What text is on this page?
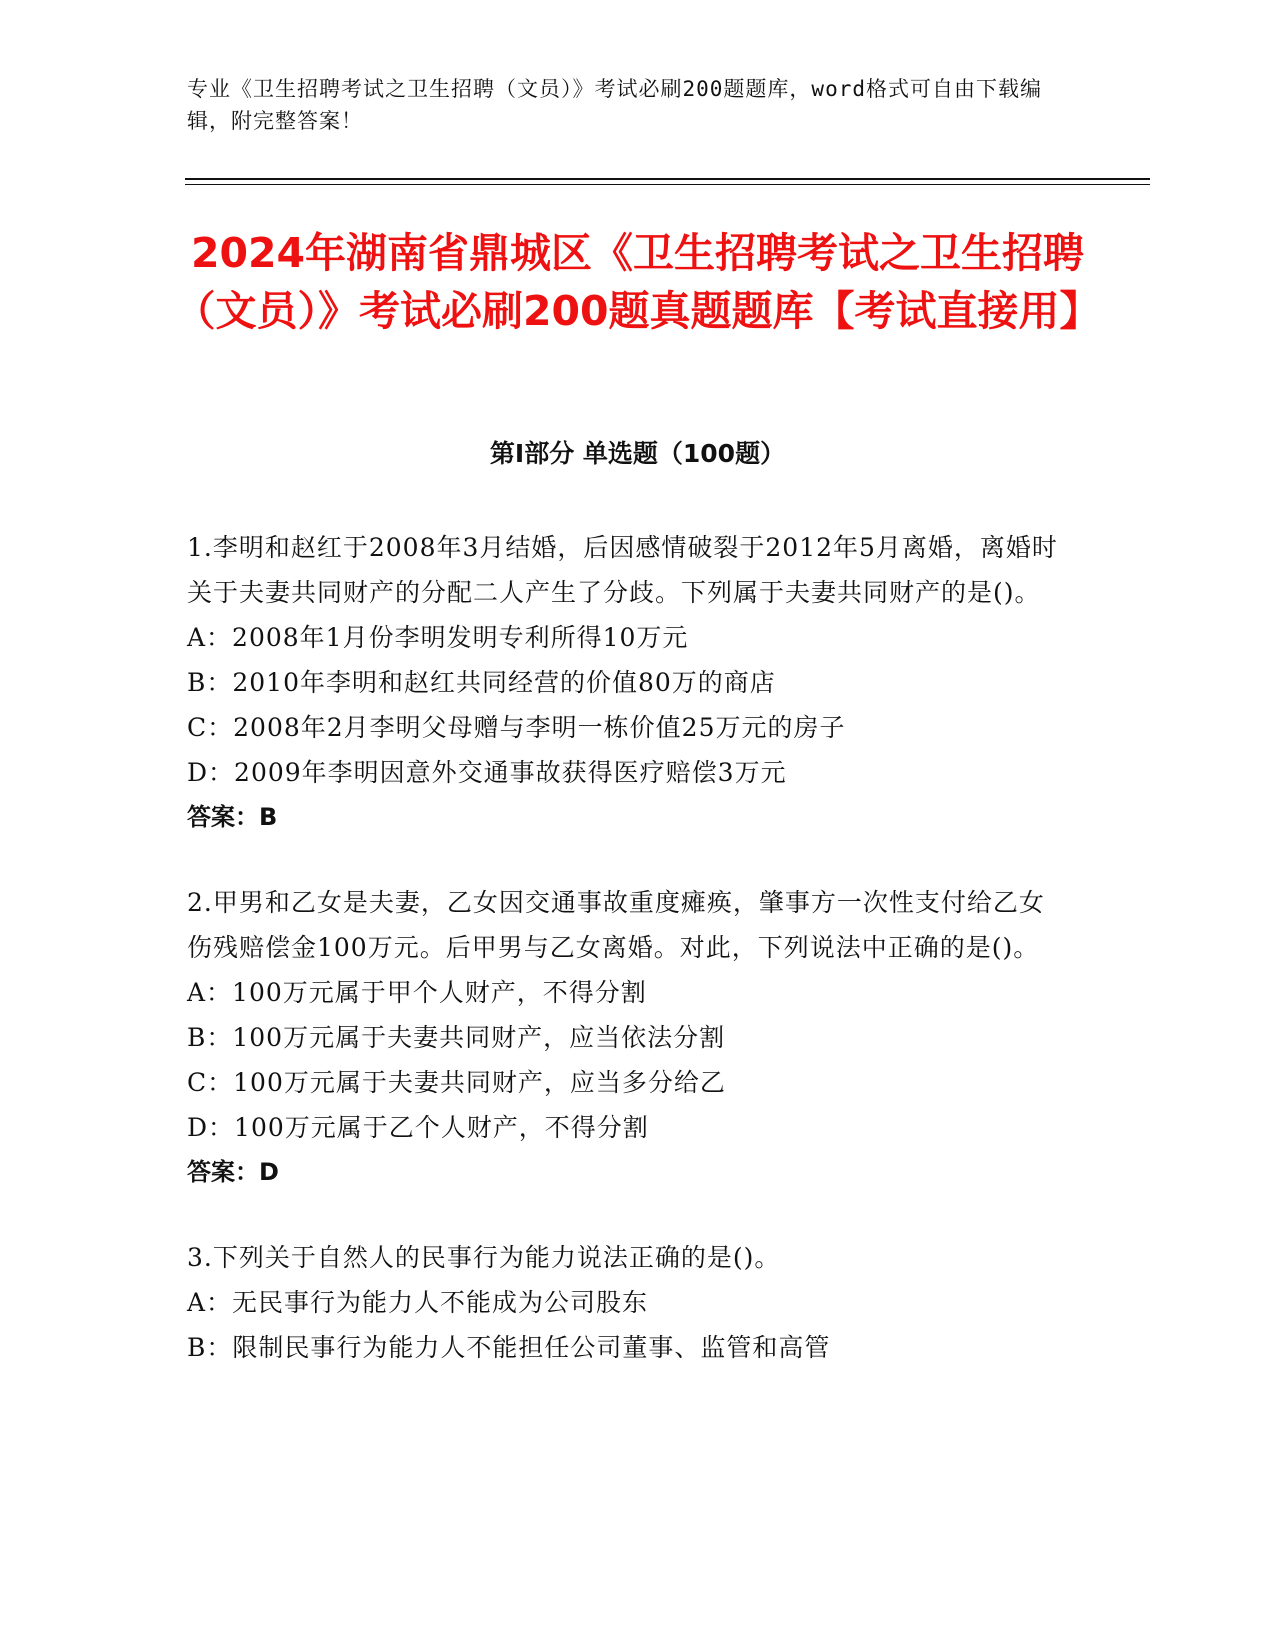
专业《卫生招聘考试之卫生招聘（文员）》考试必刷200题题库，word格式可自由下载编辑，附完整答案！
2024年湖南省鼎城区《卫生招聘考试之卫生招聘（文员）》考试必刷200题真题题库【考试直接用】
第Ⅰ部分 单选题（100题）

1.李明和赵红于2008年3月结婚，后因感情破裂于2012年5月离婚，离婚时关于夫妻共同财产的分配二人产生了分歧。下列属于夫妻共同财产的是()。

A：2008年1月份李明发明专利所得10万元

B：2010年李明和赵红共同经营的价值80万的商店

C：2008年2月李明父母赠与李明一栋价值25万元的房子

D：2009年李明因意外交通事故获得医疗赔偿3万元

答案：B

2.甲男和乙女是夫妻，乙女因交通事故重度瘫痪，肇事方一次性支付给乙女伤残赔偿金100万元。后甲男与乙女离婚。对此，下列说法中正确的是()。

A：100万元属于甲个人财产，不得分割

B：100万元属于夫妻共同财产，应当依法分割

C：100万元属于夫妻共同财产，应当多分给乙

D：100万元属于乙个人财产，不得分割

答案：D

3.下列关于自然人的民事行为能力说法正确的是()。

A：无民事行为能力人不能成为公司股东

B：限制民事行为能力人不能担任公司董事、监管和高管
